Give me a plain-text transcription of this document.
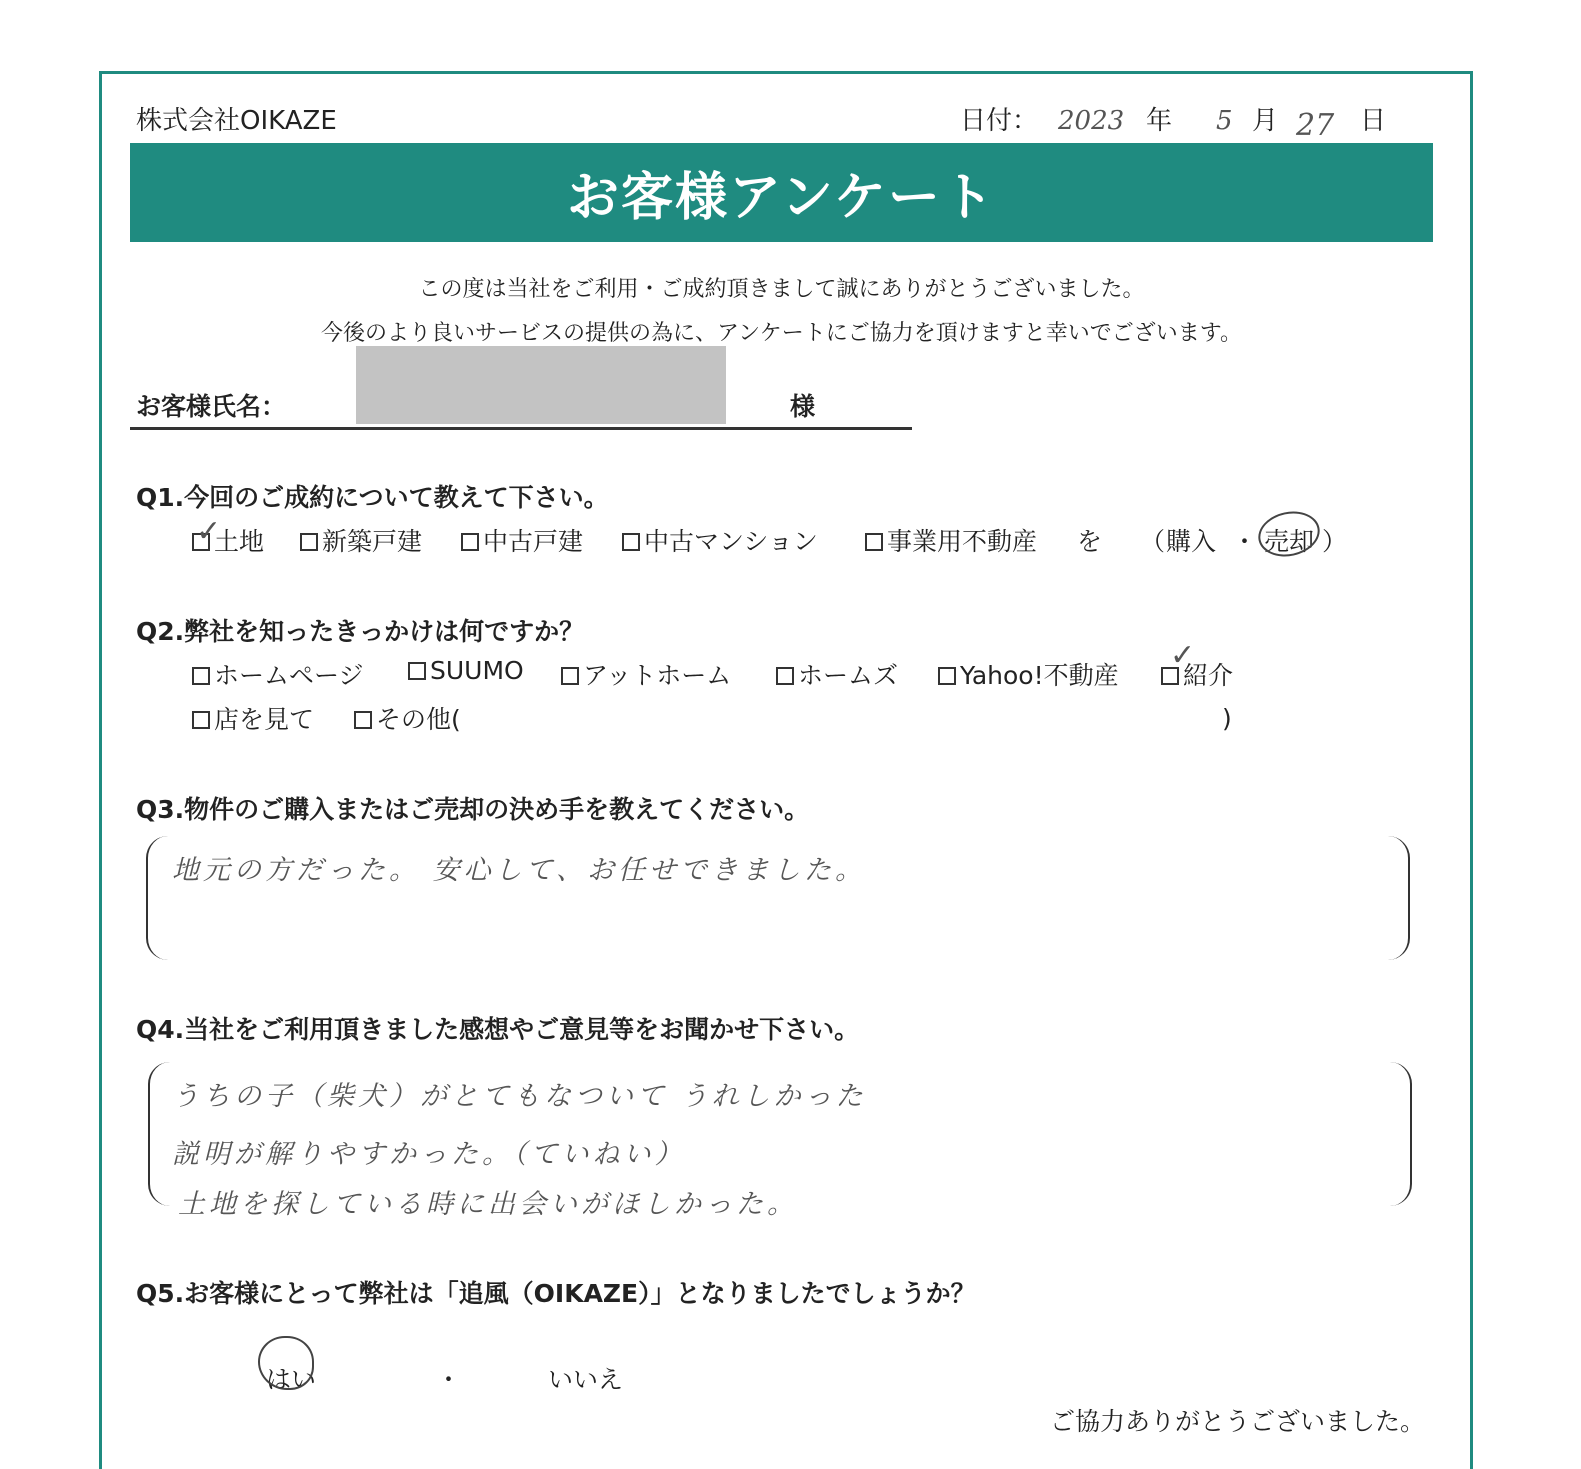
株式会社OIKAZE	日付： 2023 年 5 月 27 日
お客様アンケート
この度は当社をご利用・ご成約頂きまして誠にありがとうございました。
今後のより良いサービスの提供の為に、アンケートにご協力を頂けますと幸いでございます。
お客様氏名：	様
Q1.今回のご成約について教えて下さい。
土地
✓	新築戸建	中古戸建	中古マンション	事業用不動産 を （ 購入 ・ 売却 ）
Q2.弊社を知ったきっかけは何ですか？
ホームページ	SUUMO	アットホーム	ホームズ	Yahoo!不動産	紹介
✓
店を見て	その他(	)
Q3.物件のご購入またはご売却の決め手を教えてください。
地元の方だった。 安心して、お任せできました。
Q4.当社をご利用頂きました感想やご意見等をお聞かせ下さい。
うちの子（柴犬）がとてもなついて うれしかった
説明が解りやすかった。（ていねい）
土地を探している時に出会いがほしかった。
Q5.お客様にとって弊社は「追風（OIKAZE）」となりましたでしょうか？
はい	・	いいえ
ご協力ありがとうございました。
